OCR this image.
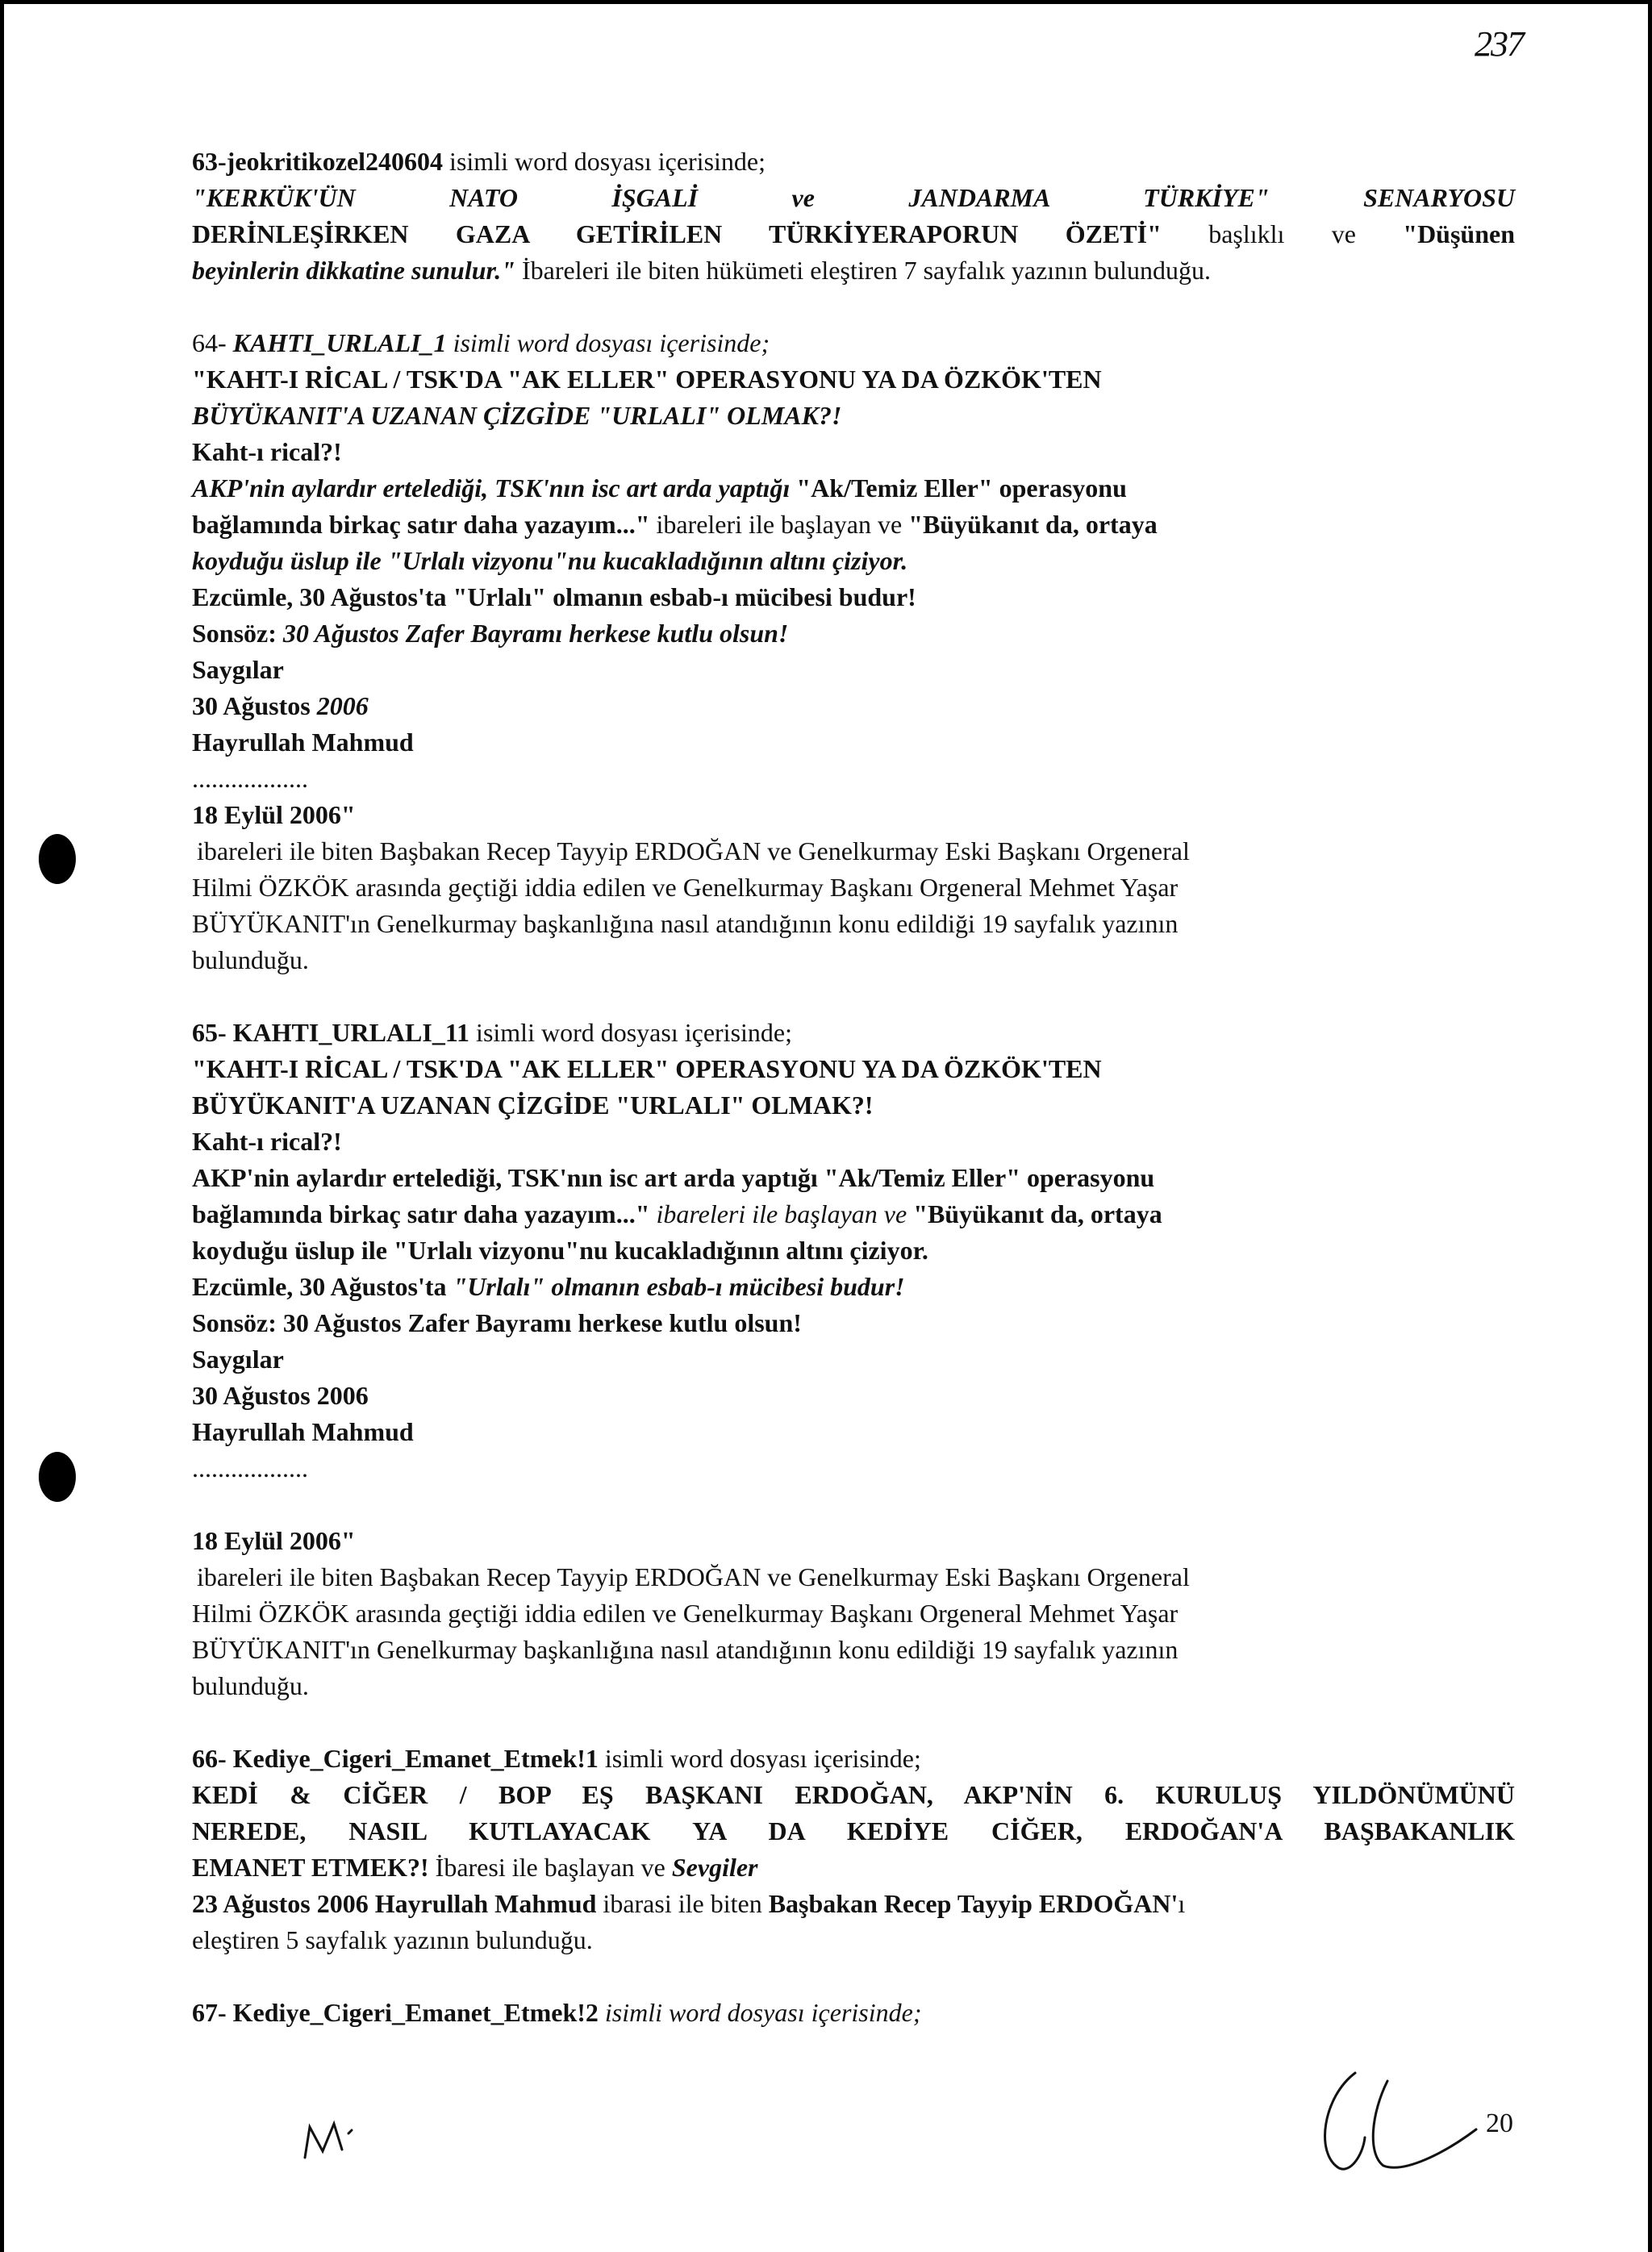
237
63-jeokritikozel240604 isimli word dosyası içerisinde;
"KERKÜK'ÜN NATO İŞGALİ ve JANDARMA TÜRKİYE" SENARYOSU
DERİNLEŞİRKEN GAZA GETİRİLEN TÜRKİYERAPORUN ÖZETİ" başlıklı ve "Düşünen
beyinlerin dikkatine sunulur." İbareleri ile biten hükümeti eleştiren 7 sayfalık yazının bulunduğu.
64- KAHTI_URLALI_1 isimli word dosyası içerisinde;
"KAHT-I RİCAL / TSK'DA "AK ELLER" OPERASYONU YA DA ÖZKÖK'TEN
BÜYÜKANIT'A UZANAN ÇİZGİDE "URLALI" OLMAK?!
Kaht-ı rical?!
AKP'nin aylardır ertelediği, TSK'nın isc art arda yaptığı "Ak/Temiz Eller" operasyonu
bağlamında birkaç satır daha yazayım..." ibareleri ile başlayan ve "Büyükanıt da, ortaya
koyduğu üslup ile "Urlalı vizyonu"nu kucakladığının altını çiziyor.
Ezcümle, 30 Ağustos'ta "Urlalı" olmanın esbab-ı mücibesi budur!
Sonsöz: 30 Ağustos Zafer Bayramı herkese kutlu olsun!
Saygılar
30 Ağustos 2006
Hayrullah Mahmud
..................
18 Eylül 2006"
ibareleri ile biten Başbakan Recep Tayyip ERDOĞAN ve Genelkurmay Eski Başkanı Orgeneral
Hilmi ÖZKÖK arasında geçtiği iddia edilen ve Genelkurmay Başkanı Orgeneral Mehmet Yaşar
BÜYÜKANIT'ın Genelkurmay başkanlığına nasıl atandığının konu edildiği 19 sayfalık yazının
bulunduğu.
65- KAHTI_URLALI_11 isimli word dosyası içerisinde;
"KAHT-I RİCAL / TSK'DA "AK ELLER" OPERASYONU YA DA ÖZKÖK'TEN
BÜYÜKANIT'A UZANAN ÇİZGİDE "URLALI" OLMAK?!
Kaht-ı rical?!
AKP'nin aylardır ertelediği, TSK'nın isc art arda yaptığı "Ak/Temiz Eller" operasyonu
bağlamında birkaç satır daha yazayım..." ibareleri ile başlayan ve "Büyükanıt da, ortaya
koyduğu üslup ile "Urlalı vizyonu"nu kucakladığının altını çiziyor.
Ezcümle, 30 Ağustos'ta "Urlalı" olmanın esbab-ı mücibesi budur!
Sonsöz: 30 Ağustos Zafer Bayramı herkese kutlu olsun!
Saygılar
30 Ağustos 2006
Hayrullah Mahmud
..................
18 Eylül 2006"
ibareleri ile biten Başbakan Recep Tayyip ERDOĞAN ve Genelkurmay Eski Başkanı Orgeneral
Hilmi ÖZKÖK arasında geçtiği iddia edilen ve Genelkurmay Başkanı Orgeneral Mehmet Yaşar
BÜYÜKANIT'ın Genelkurmay başkanlığına nasıl atandığının konu edildiği 19 sayfalık yazının
bulunduğu.
66- Kediye_Cigeri_Emanet_Etmek!1 isimli word dosyası içerisinde;
KEDİ & CİĞER / BOP EŞ BAŞKANI ERDOĞAN, AKP'NİN 6. KURULUŞ YILDÖNÜMÜNÜ
NEREDE, NASIL KUTLAYACAK YA DA KEDİYE CİĞER, ERDOĞAN'A BAŞBAKANLIK
EMANET ETMEK?! İbaresi ile başlayan ve Sevgiler
23 Ağustos 2006 Hayrullah Mahmud ibarasi ile biten Başbakan Recep Tayyip ERDOĞAN'ı
eleştiren 5 sayfalık yazının bulunduğu.
67- Kediye_Cigeri_Emanet_Etmek!2 isimli word dosyası içerisinde;
20
